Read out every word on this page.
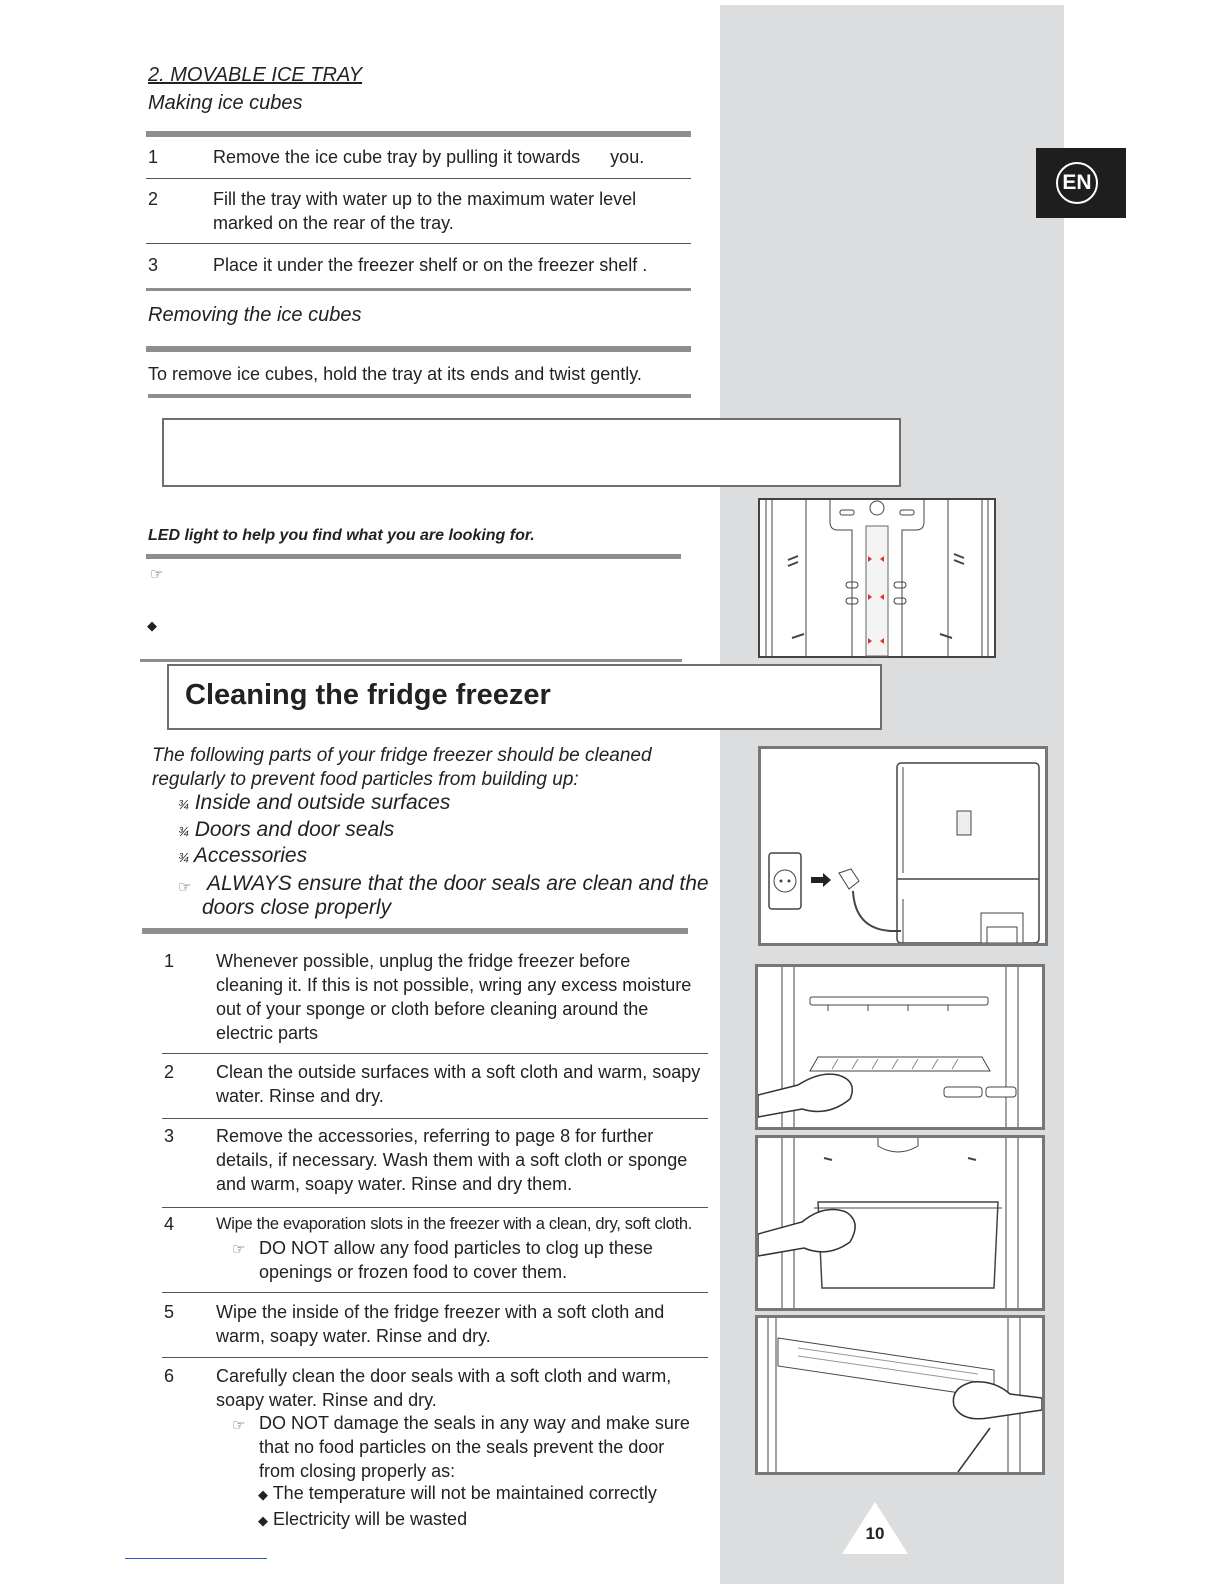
EN
2. MOVABLE ICE TRAY
Making ice cubes
1	Remove the ice cube tray by pulling it towards      you.
2	Fill the tray with water up to the maximum water level
marked on the rear of the tray.
3	Place it under the freezer shelf or on the freezer shelf .
Removing the ice cubes
To remove ice cubes, hold the tray at its ends and twist gently.
LED light to help you find what you are looking for.
☞
◆
Cleaning the fridge freezer
The following parts of your fridge freezer should be cleaned
regularly to prevent food particles from building up:
¾ Inside and outside surfaces
¾ Doors and door seals
¾ Accessories
☞ ALWAYS ensure that the door seals are clean and the
doors close properly
1 Whenever possible, unplug the fridge freezer before
cleaning it. If this is not possible, wring any excess moisture
out of your sponge or cloth before cleaning around the
electric parts
2 Clean the outside surfaces with a soft cloth and warm, soapy
water. Rinse and dry.
3 Remove the accessories, referring to page 8 for further
details, if necessary. Wash them with a soft cloth or sponge
and warm, soapy water. Rinse and dry them.
4	Wipe the evaporation slots in the freezer with a clean, dry, soft cloth.
☞ DO NOT allow any food particles to clog up these
openings or frozen food to cover them.
5 Wipe the inside of the fridge freezer with a soft cloth and
warm, soapy water. Rinse and dry.
6 Carefully clean the door seals with a soft cloth and warm,
soapy water. Rinse and dry.
☞ DO NOT damage the seals in any way and make sure
that no food particles on the seals prevent the door
from closing properly as:
◆ The temperature will not be maintained correctly
◆ Electricity will be wasted
10
